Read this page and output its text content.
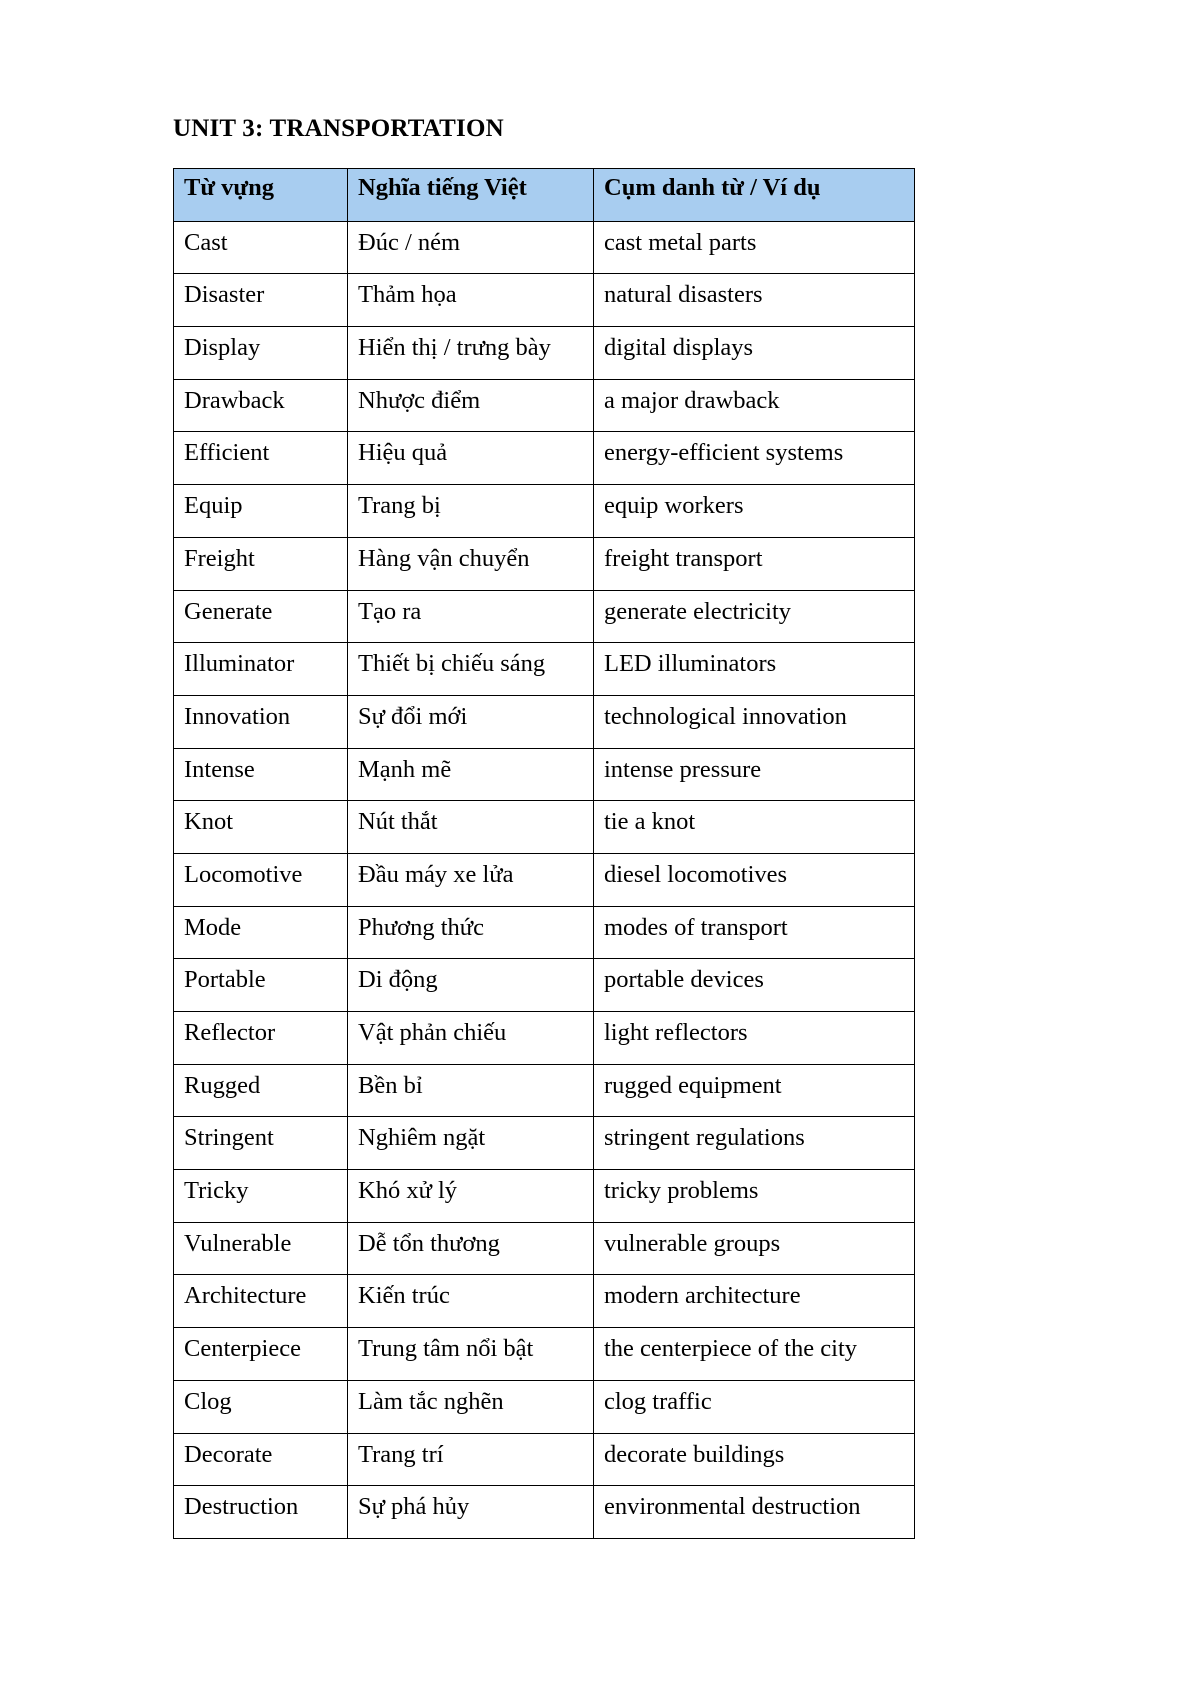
UNIT 3: TRANSPORTATION
Từ vựng	Nghĩa tiếng Việt	Cụm danh từ / Ví dụ
Cast	Đúc / ném	cast metal parts
Disaster	Thảm họa	natural disasters
Display	Hiển thị / trưng bày	digital displays
Drawback	Nhược điểm	a major drawback
Efficient	Hiệu quả	energy-efficient systems
Equip	Trang bị	equip workers
Freight	Hàng vận chuyển	freight transport
Generate	Tạo ra	generate electricity
Illuminator	Thiết bị chiếu sáng	LED illuminators
Innovation	Sự đổi mới	technological innovation
Intense	Mạnh mẽ	intense pressure
Knot	Nút thắt	tie a knot
Locomotive	Đầu máy xe lửa	diesel locomotives
Mode	Phương thức	modes of transport
Portable	Di động	portable devices
Reflector	Vật phản chiếu	light reflectors
Rugged	Bền bỉ	rugged equipment
Stringent	Nghiêm ngặt	stringent regulations
Tricky	Khó xử lý	tricky problems
Vulnerable	Dễ tổn thương	vulnerable groups
Architecture	Kiến trúc	modern architecture
Centerpiece	Trung tâm nổi bật	the centerpiece of the city
Clog	Làm tắc nghẽn	clog traffic
Decorate	Trang trí	decorate buildings
Destruction	Sự phá hủy	environmental destruction
